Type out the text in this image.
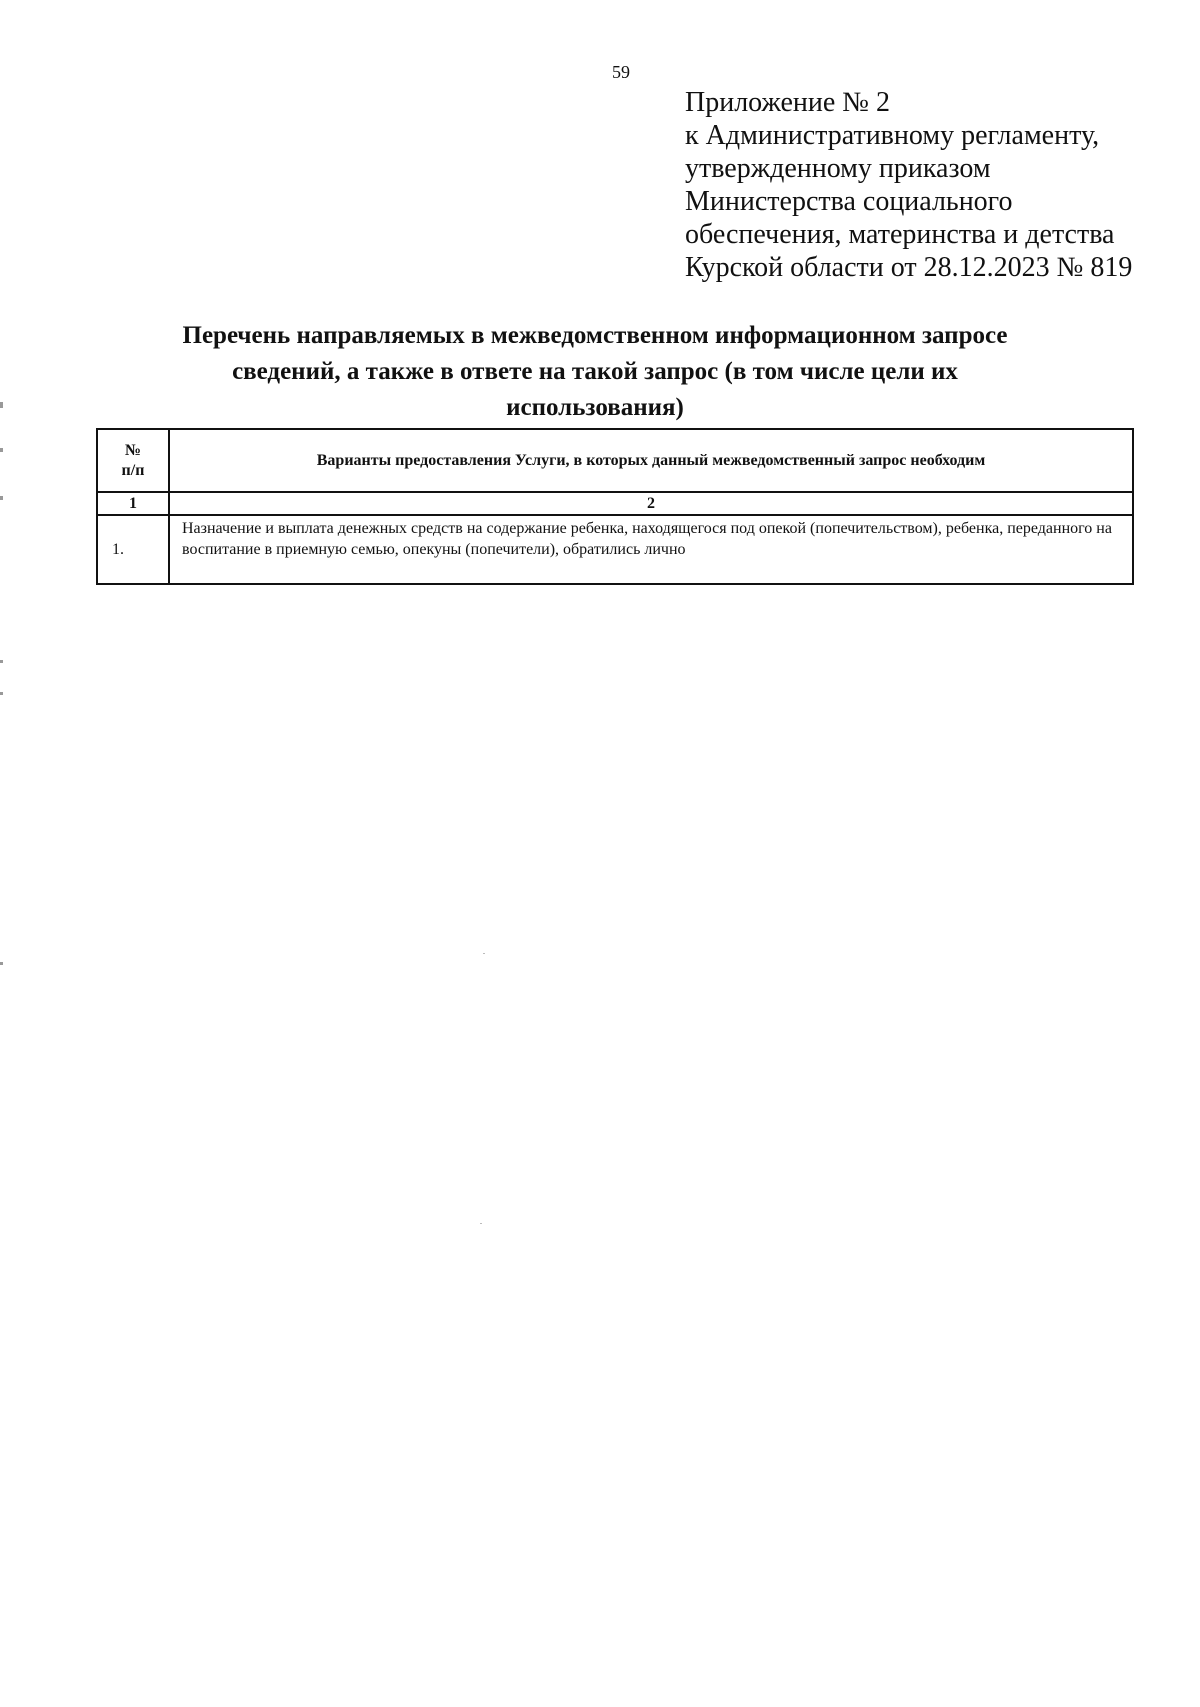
59
Приложение № 2
к Административному регламенту,
утвержденному приказом
Министерства социального
обеспечения, материнства и детства
Курской области от 28.12.2023 № 819
Перечень направляемых в межведомственном информационном запросе
сведений, а также в ответе на такой запрос (в том числе цели их
использования)
№
п/п	Варианты предоставления Услуги, в которых данный межведомственный запрос необходим
1	2
1.	Назначение и выплата денежных средств на содержание ребенка, находящегося под опекой (попечительством), ребенка, переданного на воспитание в приемную семью, опекуны (попечители), обратились лично
